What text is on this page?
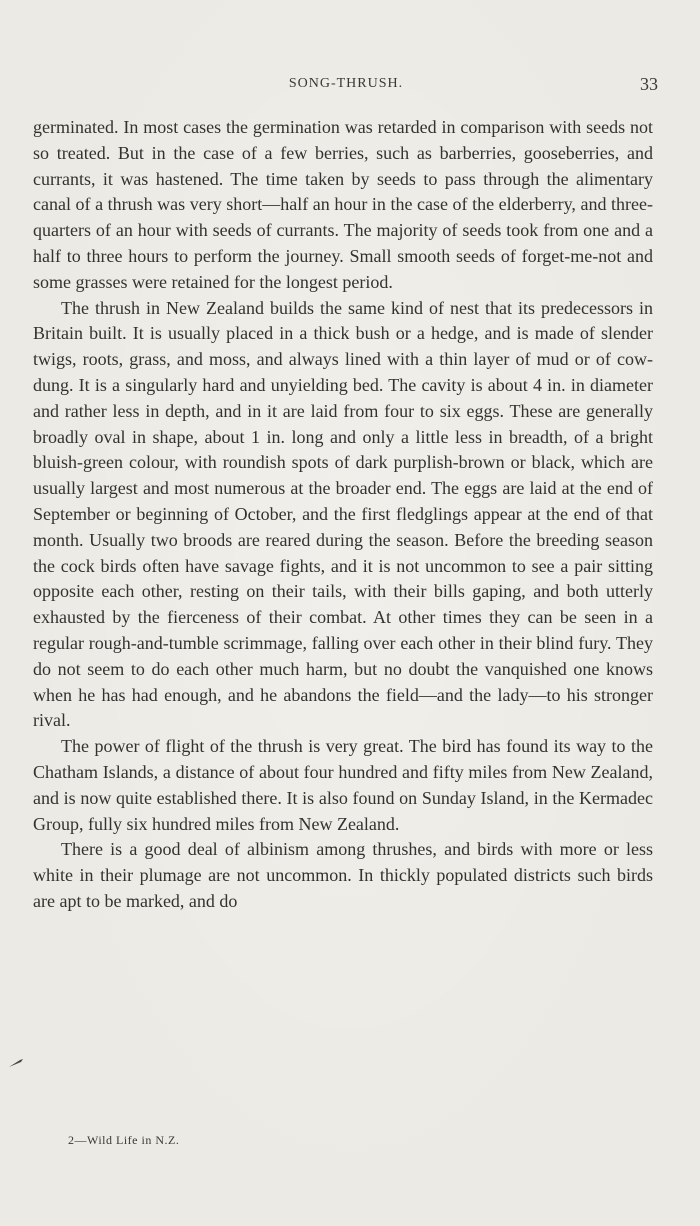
SONG-THRUSH.	33

germinated. In most cases the germination was retarded in comparison with seeds not so treated. But in the case of a few berries, such as barberries, gooseberries, and currants, it was hastened. The time taken by seeds to pass through the alimentary canal of a thrush was very short—half an hour in the case of the elderberry, and three-quarters of an hour with seeds of currants. The majority of seeds took from one and a half to three hours to perform the journey. Small smooth seeds of forget-me-not and some grasses were retained for the longest period.

The thrush in New Zealand builds the same kind of nest that its predecessors in Britain built. It is usually placed in a thick bush or a hedge, and is made of slender twigs, roots, grass, and moss, and always lined with a thin layer of mud or of cow-dung. It is a singularly hard and unyielding bed. The cavity is about 4 in. in diameter and rather less in depth, and in it are laid from four to six eggs. These are generally broadly oval in shape, about 1 in. long and only a little less in breadth, of a bright bluish-green colour, with roundish spots of dark purplish-brown or black, which are usually largest and most numerous at the broader end. The eggs are laid at the end of September or beginning of October, and the first fledglings appear at the end of that month. Usually two broods are reared during the season. Before the breeding season the cock birds often have savage fights, and it is not uncommon to see a pair sitting opposite each other, resting on their tails, with their bills gaping, and both utterly exhausted by the fierceness of their combat. At other times they can be seen in a regular rough-and-tumble scrimmage, falling over each other in their blind fury. They do not seem to do each other much harm, but no doubt the vanquished one knows when he has had enough, and he abandons the field—and the lady—to his stronger rival.

The power of flight of the thrush is very great. The bird has found its way to the Chatham Islands, a distance of about four hundred and fifty miles from New Zealand, and is now quite established there. It is also found on Sunday Island, in the Kermadec Group, fully six hundred miles from New Zealand.

There is a good deal of albinism among thrushes, and birds with more or less white in their plumage are not uncommon. In thickly populated districts such birds are apt to be marked, and do

2—Wild Life in N.Z.
